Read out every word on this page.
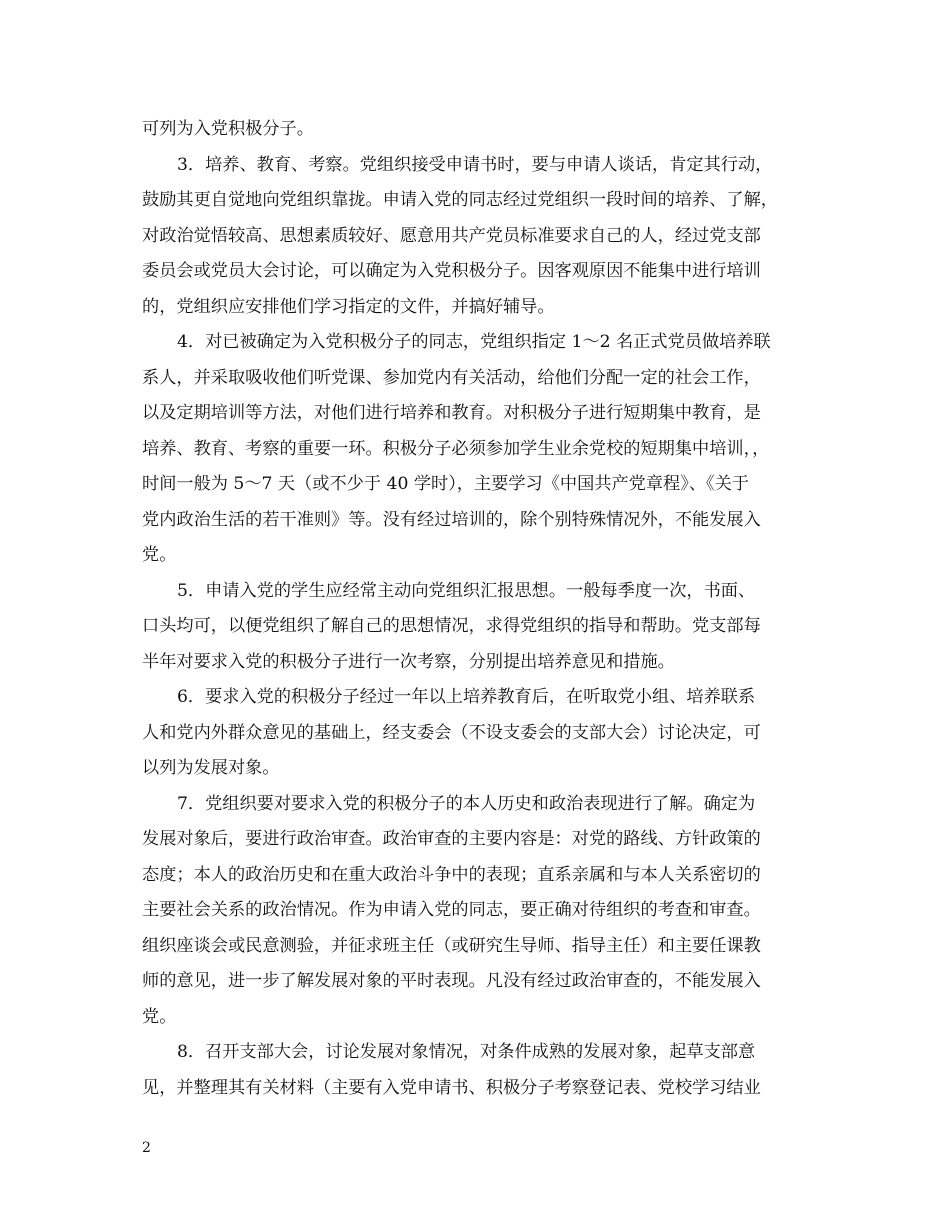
可列为入党积极分子。
3．培养、教育、考察。党组织接受申请书时，要与申请人谈话，肯定其行动，
鼓励其更自觉地向党组织靠拢。申请入党的同志经过党组织一段时间的培养、了解，
对政治觉悟较高、思想素质较好、愿意用共产党员标准要求自己的人，经过党支部
委员会或党员大会讨论，可以确定为入党积极分子。因客观原因不能集中进行培训
的，党组织应安排他们学习指定的文件，并搞好辅导。
4．对已被确定为入党积极分子的同志，党组织指定 1～2 名正式党员做培养联
系人，并采取吸收他们听党课、参加党内有关活动，给他们分配一定的社会工作，
以及定期培训等方法，对他们进行培养和教育。对积极分子进行短期集中教育，是
培养、教育、考察的重要一环。积极分子必须参加学生业余党校的短期集中培训，，
时间一般为 5～7 天（或不少于 40 学时），主要学习《中国共产党章程》、《关于
党内政治生活的若干准则》等。没有经过培训的，除个别特殊情况外，不能发展入
党。
5．申请入党的学生应经常主动向党组织汇报思想。一般每季度一次，书面、
口头均可，以便党组织了解自己的思想情况，求得党组织的指导和帮助。党支部每
半年对要求入党的积极分子进行一次考察，分别提出培养意见和措施。
6．要求入党的积极分子经过一年以上培养教育后，在听取党小组、培养联系
人和党内外群众意见的基础上，经支委会（不设支委会的支部大会）讨论决定，可
以列为发展对象。
7．党组织要对要求入党的积极分子的本人历史和政治表现进行了解。确定为
发展对象后，要进行政治审查。政治审查的主要内容是：对党的路线、方针政策的
态度；本人的政治历史和在重大政治斗争中的表现；直系亲属和与本人关系密切的
主要社会关系的政治情况。作为申请入党的同志，要正确对待组织的考查和审查。
组织座谈会或民意测验，并征求班主任（或研究生导师、指导主任）和主要任课教
师的意见，进一步了解发展对象的平时表现。凡没有经过政治审查的，不能发展入
党。
8．召开支部大会，讨论发展对象情况，对条件成熟的发展对象，起草支部意
见，并整理其有关材料（主要有入党申请书、积极分子考察登记表、党校学习结业
2
